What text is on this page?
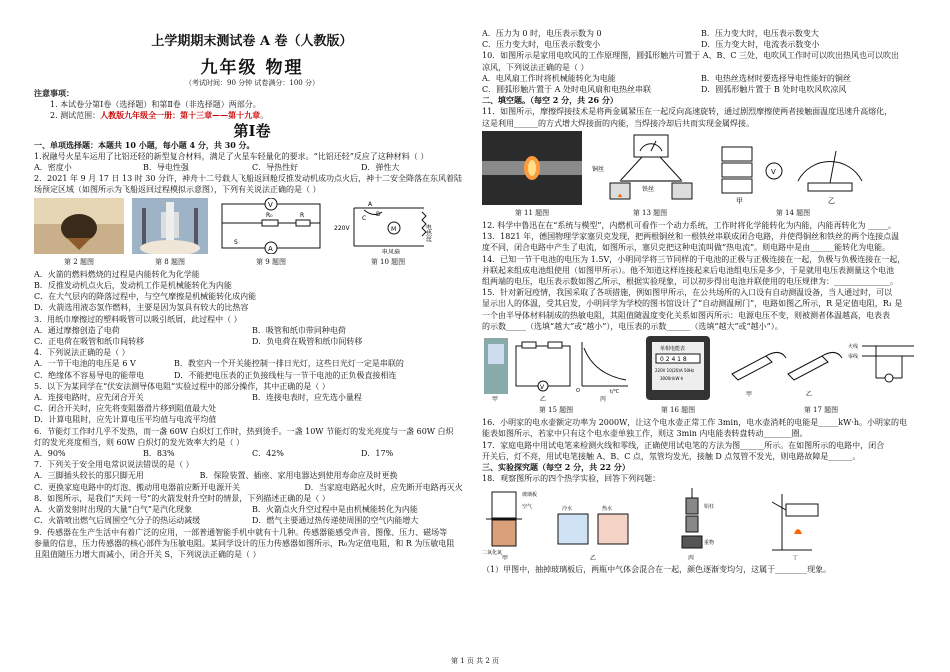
上学期期末测试卷 A 卷（人教版）
九年级 物理
（考试时间：90 分钟 试卷满分：100 分）
注意事项：
1. 本试卷分第Ⅰ卷（选择题）和第Ⅱ卷（非选择题）两部分。
2. 测试范围：人教版九年级全一册：第十三章——第十九章。
第Ⅰ卷
一、单项选择题：本题共 10 小题，每小题 4 分，共 30 分。
1.祝融号火星车运用了比铝还轻的新型复合材料，满足了火星车轻量化的要求。“比铝还轻”反应了这种材料（ ）
A．密度小	B．导电性强	C．导热性好	D．弹性大
2．2021 年 9 月 17 日 13 时 30 分许，神舟十二号载人飞船返回舱反推发动机成功点火后，神十二安全降落在东风着陆
场预定区域（如图所示为飞船返回过程模拟示意图），下列有关说法正确的是（ ）
第 2 题图	第 8 题图
V
R₀	R
A
S
第 9 题图
220V	M
电风扇
电热丝
A
B
C
第 10 题图
A．火箭的燃料燃烧的过程是内能转化为化学能
B．反推发动机点火后，发动机工作是机械能转化为内能
C．在大气层内的降落过程中，与空气摩擦是机械能转化成内能
D．火箭选用液态氢作燃料，主要是因为氢具有较大的比热容
3．用纸巾摩擦过的塑料吸管可以吸引纸屑，此过程中（ ）
A．通过摩擦创造了电荷	B．吸管和纸巾带同种电荷
C．正电荷在吸管和纸巾间转移	D．负电荷在吸管和纸巾间转移
4．下列说法正确的是（ ）
A．一节干电池的电压是 6 V	B．教室内一个开关能控制一排日光灯，这些日光灯一定是串联的
C．绝缘体不容易导电的能带电	D．不能把电压表的正负接线柱与一节干电池的正负极直接相连
5．以下为某同学在“伏安法测导体电阻”实验过程中的部分操作，其中正确的是（ ）
A．连接电路时，应先闭合开关	B．连接电表时，应先选小量程
C．闭合开关时，应先将变阻器滑片移到阻值最大处
D．计算电阻时，应先计算电压平均值与电流平均值
6．节能灯工作时几乎不发热，而一盏 60W 白炽灯工作时，热到烫手。一盏 10W 节能灯的发光亮度与一盏 60W 白炽
灯的发光亮度相当，则 60W 白炽灯的发光效率大约是（ ）
A．90%	B．83%	C．42%	D．17%
7．下列关于安全用电常识说法错误的是（ ）
A．三脚插头较长的那只脚无用	B．保险装置、插座、家用电器达到使用寿命应及时更换
C．更换家庭电路中的灯泡、搬动用电器前应断开电源开关	D．当家庭电路起火时，应先断开电路再灭火
8．如图所示，是我们“天问一号”的火箭发射升空时的情景，下列描述正确的是（ ）
A．火箭发射时出现的大量“白气”是汽化现象	B．火箭点火升空过程中是由机械能转化为内能
C．火箭喷出燃气后周围空气分子的热运动减缓	D．燃气主要通过热传递使周围的空气内能增大
9．传感器在生产生活中有着广泛的应用，一部普通智能手机中就有十几种。传感器能感受声音、图像、压力、磁场等
参量的信息，压力传感器的核心部件为压敏电阻。某同学设计的压力传感器如图所示，R₀为定值电阻，和 R 为压敏电阻
且阻值随压力增大而减小，闭合开关 S，下列说法正确的是（ ）
A．压力为 0 时，电压表示数为 0	B．压力变大时，电压表示数变大
C．压力变大时，电压表示数变小	D．压力变大时，电流表示数变小
10．如图所示是家用电吹风的工作原理图，圆弧形触片可置于 A、B、C 三处，电吹风工作时可以吹出热风也可以吹出
凉风，下列说法正确的是（ ）
A．电风扇工作时将机械能转化为电能	B．电热丝选材时要选择导电性能好的铜丝
C．圆弧形触片置于 A 处时电风扇和电热丝串联	D．圆弧形触片置于 B 处时电吹风吹凉风
二、填空题。（每空 2 分，共 26 分）
11．如图所示，摩擦焊接技术是将两金属紧压在一起反向高速旋转，通过剧烈摩擦使两者接触面温度迅速升高熔化，
这是利用______的方式增大焊接面的内能，当焊接冷却后共而实现金属焊接。
第 11 题图
铜丝
铁丝
第 13 题图
V
甲	乙
第 14 题图
12. 科学中鲁迅在在“系统与模型”，内燃机可看作一个动力系统，工作时将化学能转化为内能，内能再转化为 _____。
13．1821 年，德国物理学家塞贝克发现，把两根铜丝和一根铁丝串联成闭合电路，并使得铜丝和铁丝的两个连接点温
度不同，闭合电路中产生了电流，如图所示，塞贝克把这种电流叫做“热电流”。则电路中是由______能转化为电能。
14．已知一节干电池的电压为 1.5V，小明同学将三节同样的干电池的正极与正极连接在一起，负极与负极连接在一起，
并联起来组成电池组使用（如图甲所示）。他不知道这样连接起来后电池组电压是多少，于是就用电压表测量这个电池
组两端的电压，电压表示数如图乙所示，根据实验现象，可以初步得出电池并联使用的电压规律为：______________。
15．针对新冠疫情，我国采取了各项措施，例如图甲所示，在公共场所的入口设有自动测温设备，当人通过时，可以
显示出人的体温，受其启发，小明同学为学校的图书馆设计了“自动测温闸门”，电路如图乙所示，R 是定值电阻，R₁ 是
一个由半导体材料制成的热敏电阻，其阻值随温度变化关系如图丙所示：电源电压不变，则被测者体温越高，电表表
的示数_____（选填“越大”或“越小”），电压表的示数______（选填“越大”或“越小”）。
甲
V
乙
O	t/℃
丙
第 15 题图
单相电能表
0 2 4 1 8
220V 10(20)A 50Hz
3000r/kW·h
第 16 题图
甲	乙
火线
零线
第 17 题图
16．小明家的电水壶额定功率为 2000W，让这个电水壶正常工作 3min，电水壶消耗的电能是_____kW·h。小明家的电
能表如图所示，若家中只有这个电水壶单独工作，则这 3min 内电能表转盘转动_______圈。
17．家庭电路中用试电笔来检测火线和零线，正确使用试电笔的方法为图______所示。在如图所示的电路中，闭合
开关后，灯不亮，用试电笔接触 A、B、C 点，氖管均发光，接触 D 点氖管不发光，则电路故障是______。
三、实验探究题（每空 2 分，共 22 分）
18．观察图所示的四个热学实验，回答下列问题：
玻璃板
空气
二氧化氮
甲
冷水	热水
乙
铅柱
重物
丙	丁
（1）甲图中，抽掉玻璃板后，两瓶中气体会混合在一起，颜色逐渐变均匀，这属于________现象。
第 1 页 共 2 页
